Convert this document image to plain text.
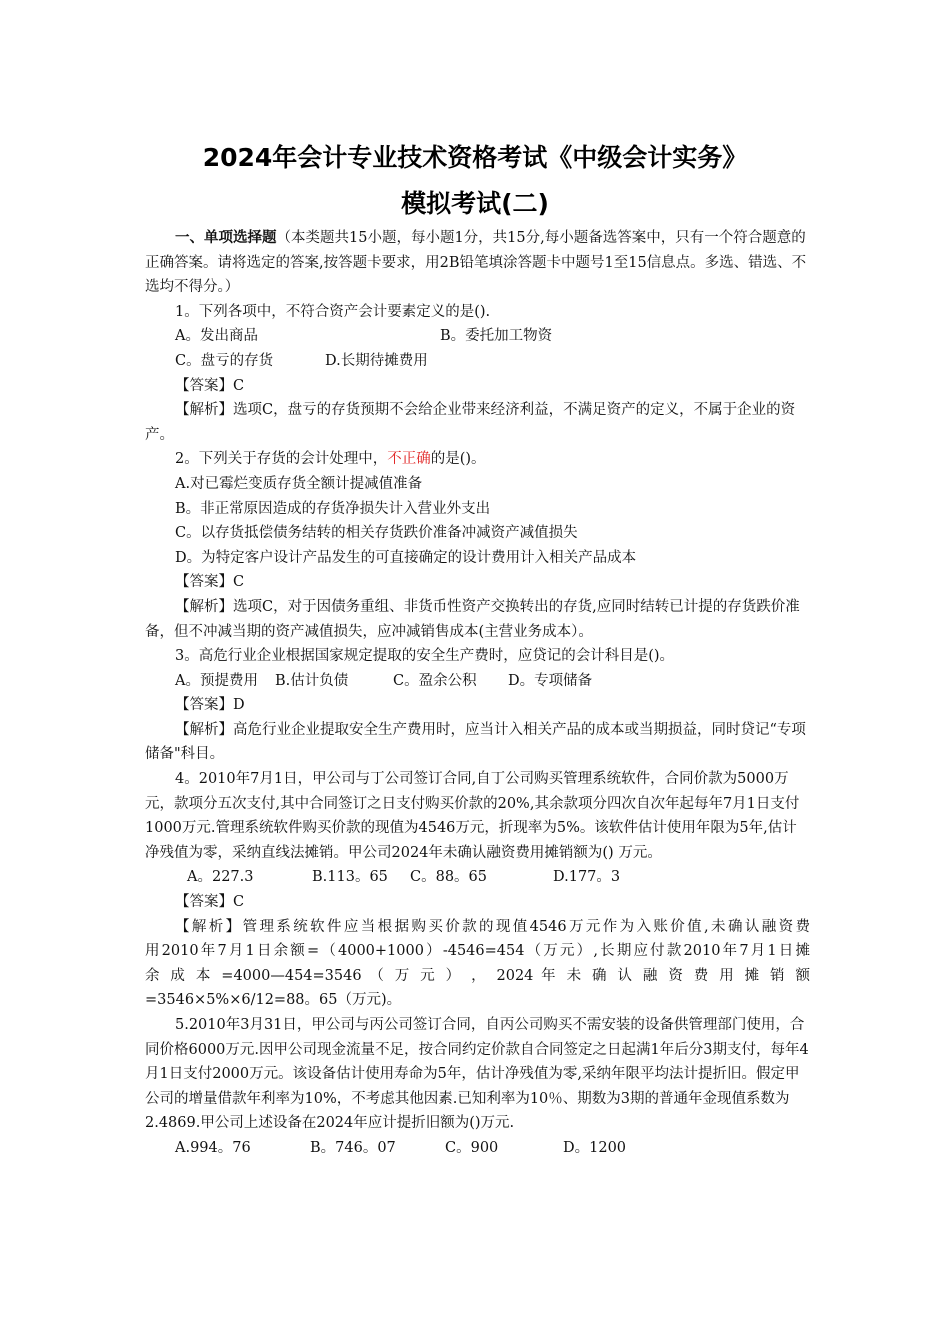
2024年会计专业技术资格考试《中级会计实务》
模拟考试(二)

一、单项选择题（本类题共15小题，每小题1分，共15分,每小题备选答案中，只有一个符合题意的正确答案。请将选定的答案,按答题卡要求，用2B铅笔填涂答题卡中题号1至15信息点。多选、错选、不选均不得分。）

1。下列各项中，不符合资产会计要素定义的是().

A。发出商品	B。委托加工物资
C。盘亏的存货	D.长期待摊费用

【答案】C

【解析】选项C，盘亏的存货预期不会给企业带来经济利益，不满足资产的定义，不属于企业的资产。

2。下列关于存货的会计处理中，不正确的是()。

A.对已霉烂变质存货全额计提减值准备

B。非正常原因造成的存货净损失计入营业外支出

C。以存货抵偿债务结转的相关存货跌价准备冲减资产减值损失

D。为特定客户设计产品发生的可直接确定的设计费用计入相关产品成本

【答案】C

【解析】选项C，对于因债务重组、非货币性资产交换转出的存货,应同时结转已计提的存货跌价准备，但不冲减当期的资产减值损失，应冲减销售成本(主营业务成本）。

3。高危行业企业根据国家规定提取的安全生产费时，应贷记的会计科目是()。

A。预提费用	B.估计负债	C。盈余公积	D。专项储备

【答案】D

【解析】高危行业企业提取安全生产费用时，应当计入相关产品的成本或当期损益，同时贷记“专项储备"科目。

4。2010年7月1日，甲公司与丁公司签订合同,自丁公司购买管理系统软件，合同价款为5000万元，款项分五次支付,其中合同签订之日支付购买价款的20%,其余款项分四次自次年起每年7月1日支付1000万元.管理系统软件购买价款的现值为4546万元，折现率为5%。该软件估计使用年限为5年,估计净残值为零，采纳直线法摊销。甲公司2024年未确认融资费用摊销额为() 万元。

A。227.3	B.113。65	C。88。65	D.177。3

【答案】C

【解析】管理系统软件应当根据购买价款的现值4546万元作为入账价值,未确认融资费

用2010年7月1日余额=（4000+1000）-4546=454（万元）,长期应付款2010年7月1日摊

余 成 本 =4000—454=3546 （ 万 元 ） ， 2024 年 未 确 认 融 资 费 用 摊 销 额

=3546×5%×6/12=88。65（万元)。

5.2010年3月31日，甲公司与丙公司签订合同，自丙公司购买不需安装的设备供管理部门使用，合同价格6000万元.因甲公司现金流量不足，按合同约定价款自合同签定之日起满1年后分3期支付，每年4月1日支付2000万元。该设备估计使用寿命为5年，估计净残值为零,采纳年限平均法计提折旧。假定甲公司的增量借款年利率为10%，不考虑其他因素.已知利率为10％、期数为3期的普通年金现值系数为2.4869.甲公司上述设备在2024年应计提折旧额为()万元.

A.994。76	B。746。07	C。900	D。1200
